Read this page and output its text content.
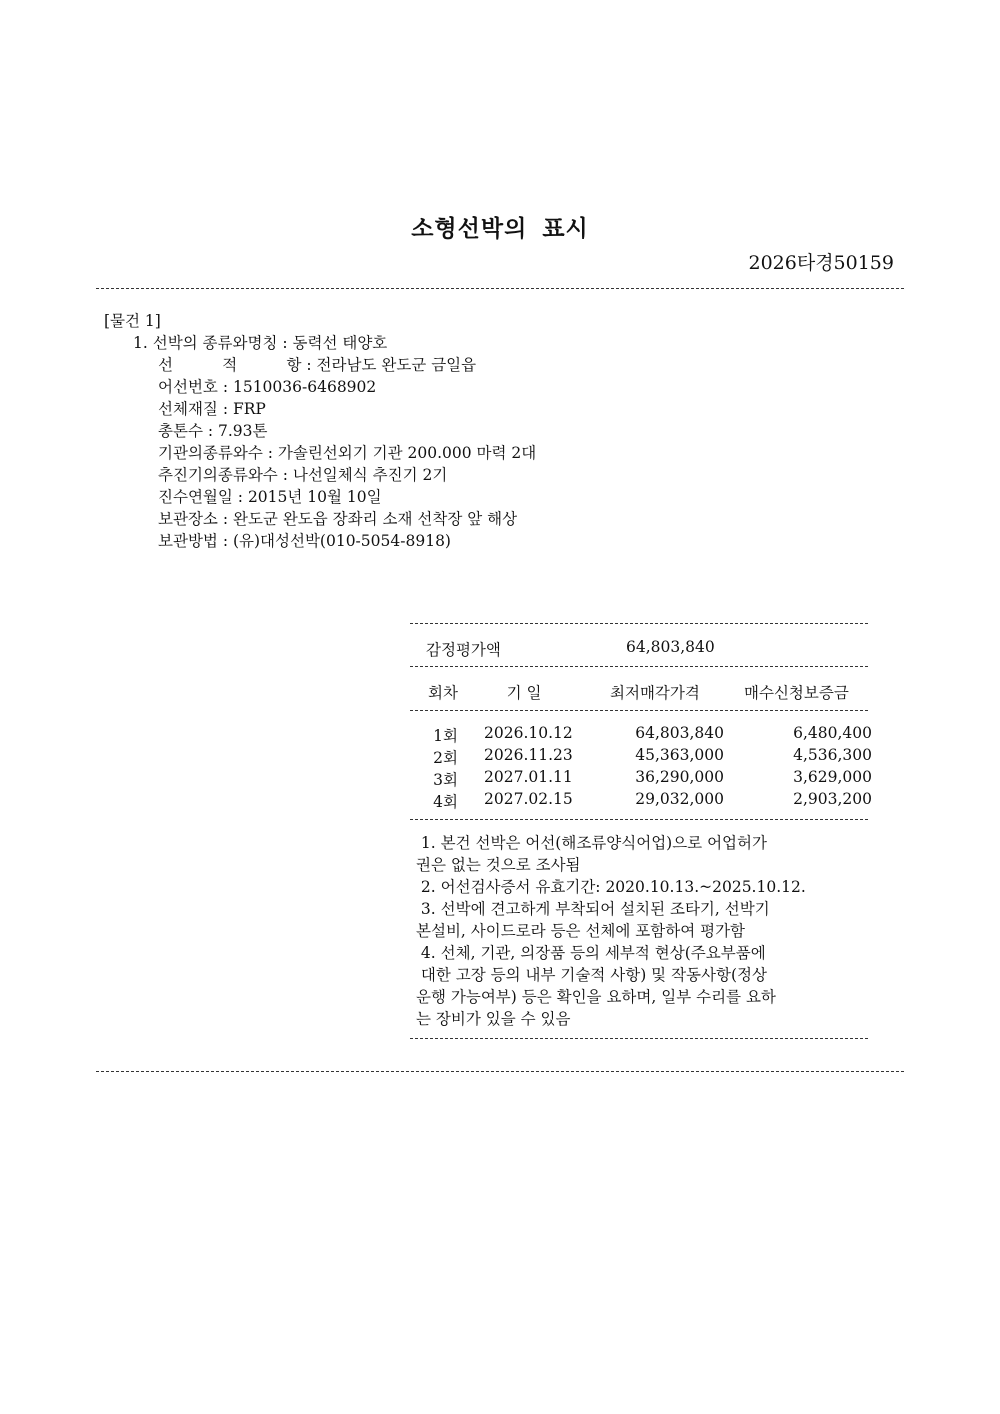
소형선박의 표시
2026타경50159
[물건 1]
1. 선박의 종류와명칭 : 동력선 태양호
선          적          항 : 전라남도 완도군 금일읍
어선번호 : 1510036-6468902
선체재질 : FRP
총톤수 : 7.93톤
기관의종류와수 : 가솔린선외기 기관 200.000 마력 2대
추진기의종류와수 : 나선일체식 추진기 2기
진수연월일 : 2015년 10월 10일
보관장소 : 완도군 완도읍 장좌리 소재 선착장 앞 해상
보관방법 : (유)대성선박(010-5054-8918)
감정평가액	64,803,840
회차	기 일	최저매각가격	매수신청보증금
1회 2026.10.12	64,803,840	6,480,400
2회 2026.11.23	45,363,000	4,536,300
3회 2027.01.11	36,290,000	3,629,000
4회 2027.02.15	29,032,000	2,903,200
1. 본건 선박은 어선(해조류양식어업)으로 어업허가
권은 없는 것으로 조사됨
2. 어선검사증서 유효기간: 2020.10.13.~2025.10.12.
3. 선박에 견고하게 부착되어 설치된 조타기, 선박기
본설비, 사이드로라 등은 선체에 포함하여 평가함
4. 선체, 기관, 의장품 등의 세부적 현상(주요부품에
대한 고장 등의 내부 기술적 사항) 및 작동사항(정상
운행 가능여부) 등은 확인을 요하며, 일부 수리를 요하
는 장비가 있을 수 있음
